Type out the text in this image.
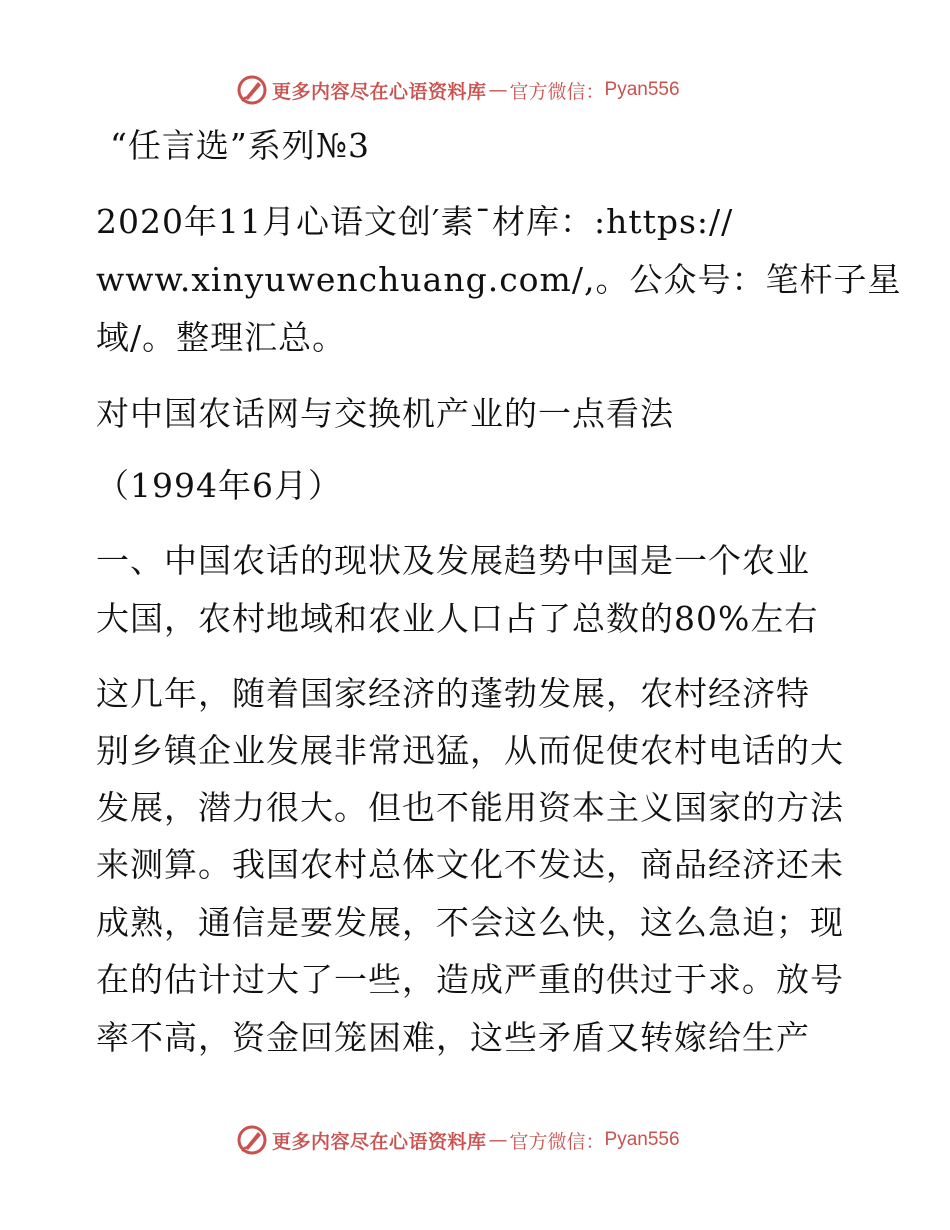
更多内容尽在心语资料库 — 官方微信： Pyan556
“任言选”系列№3
2020年11月心语文创′素¯材库：:https://
www.xinyuwenchuang.com/,。公众号：笔杆子星
域/。整理汇总。
对中国农话网与交换机产业的一点看法
（1994年6月）
一、中国农话的现状及发展趋势中国是一个农业
大国，农村地域和农业人口占了总数的80%左右
这几年，随着国家经济的蓬勃发展，农村经济特
别乡镇企业发展非常迅猛，从而促使农村电话的大
发展，潜力很大。但也不能用资本主义国家的方法
来测算。我国农村总体文化不发达，商品经济还未
成熟，通信是要发展，不会这么快，这么急迫；现
在的估计过大了一些，造成严重的供过于求。放号
率不高，资金回笼困难，这些矛盾又转嫁给生产
更多内容尽在心语资料库 — 官方微信： Pyan556
